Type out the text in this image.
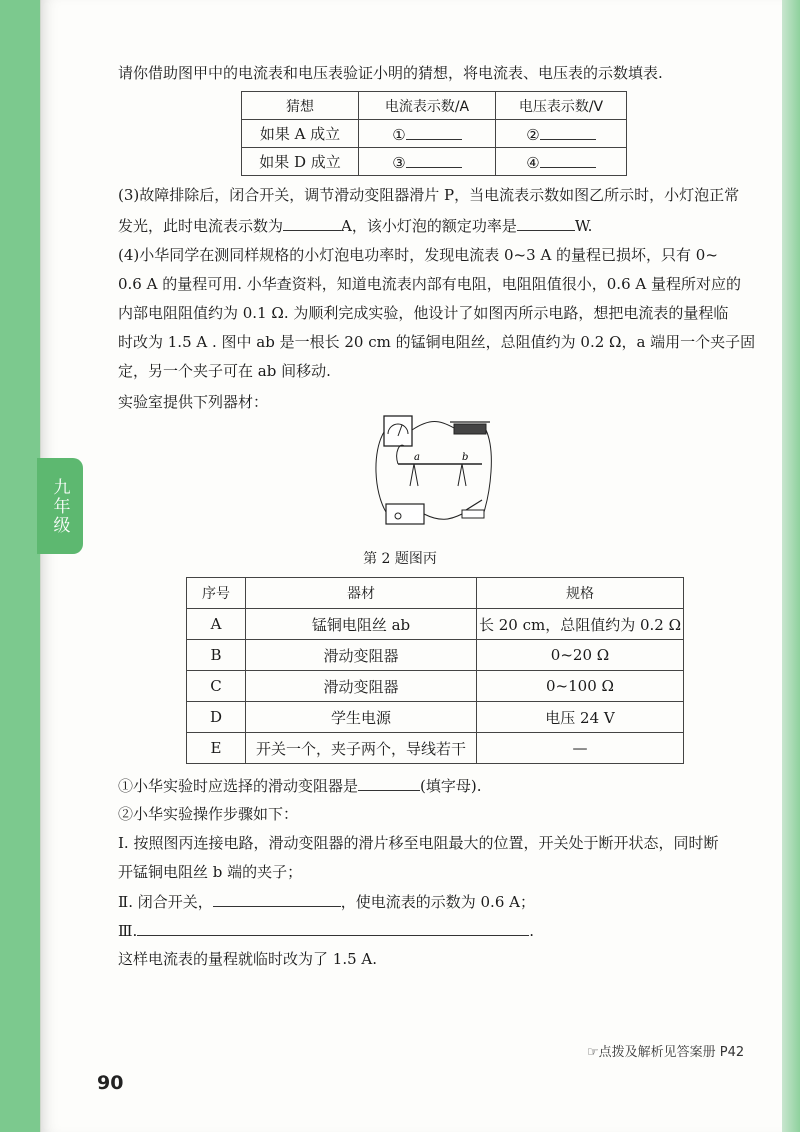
九年级
请你借助图甲中的电流表和电压表验证小明的猜想，将电流表、电压表的示数填表.
猜想	电流表示数/A	电压表示数/V
如果 A 成立	①	②
如果 D 成立	③	④
(3)故障排除后，闭合开关，调节滑动变阻器滑片 P，当电流表示数如图乙所示时，小灯泡正常
发光，此时电流表示数为	A，该小灯泡的额定功率是	W.
(4)小华同学在测同样规格的小灯泡电功率时，发现电流表 0~3 A 的量程已损坏，只有 0~
0.6 A 的量程可用. 小华查资料，知道电流表内部有电阻，电阻阻值很小，0.6 A 量程所对应的
内部电阻阻值约为 0.1 Ω. 为顺利完成实验，他设计了如图丙所示电路，想把电流表的量程临
时改为 1.5 A . 图中 ab 是一根长 20 cm 的锰铜电阻丝，总阻值约为 0.2 Ω，a 端用一个夹子固
定，另一个夹子可在 ab 间移动.
实验室提供下列器材：
a	b
第 2 题图丙
序号	器材	规格
A	锰铜电阻丝 ab	长 20 cm，总阻值约为 0.2 Ω
B	滑动变阻器	0~20 Ω
C	滑动变阻器	0~100 Ω
D	学生电源	电压 24 V
E	开关一个，夹子两个，导线若干	—
①小华实验时应选择的滑动变阻器是	(填字母).
②小华实验操作步骤如下：
Ⅰ. 按照图丙连接电路，滑动变阻器的滑片移至电阻最大的位置，开关处于断开状态，同时断
开锰铜电阻丝 b 端的夹子；
Ⅱ. 闭合开关，	，使电流表的示数为 0.6 A；
Ⅲ.	.
这样电流表的量程就临时改为了 1.5 A.
☞点拨及解析见答案册 P42
90
